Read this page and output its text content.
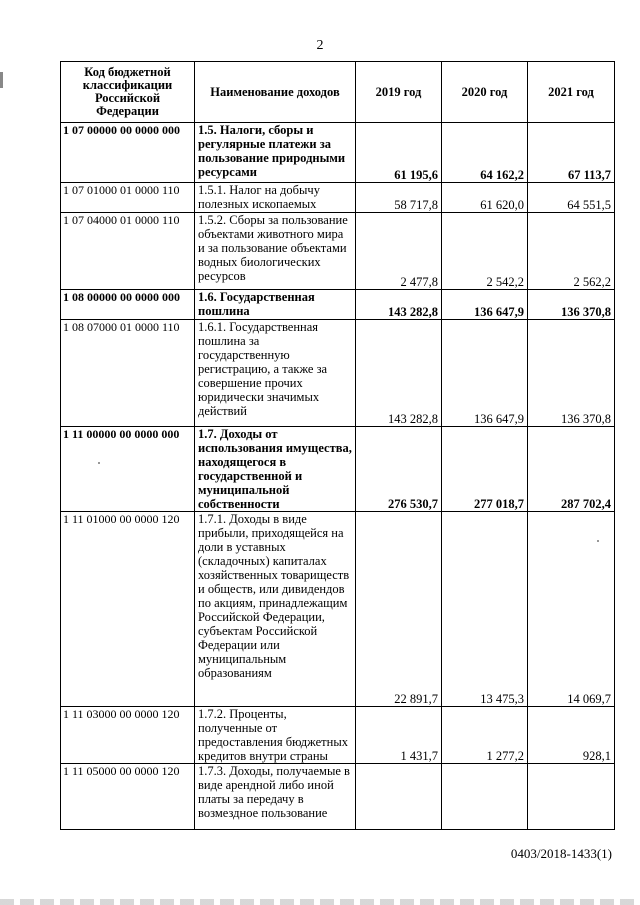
2
Код бюджетной классификации Российской Федерации	Наименование доходов	2019 год	2020 год	2021 год
1 07 00000 00 0000 000	1.5. Налоги, сборы и регулярные платежи за пользование природными ресурсами	61 195,6	64 162,2	67 113,7
1 07 01000 01 0000 110	1.5.1. Налог на добычу полезных ископаемых	58 717,8	61 620,0	64 551,5
1 07 04000 01 0000 110	1.5.2. Сборы за пользование объектами животного мира и за пользование объектами водных биологических ресурсов	2 477,8	2 542,2	2 562,2
1 08 00000 00 0000 000	1.6. Государственная пошлина	143 282,8	136 647,9	136 370,8
1 08 07000 01 0000 110	1.6.1. Государственная пошлина за государственную регистрацию, а также за совершение прочих юридически значимых действий	143 282,8	136 647,9	136 370,8
1 11 00000 00 0000 000	1.7. Доходы от использования имущества, находящегося в государственной и муниципальной собственности	276 530,7	277 018,7	287 702,4
1 11 01000 00 0000 120	1.7.1. Доходы в виде прибыли, приходящейся на доли в уставных (складочных) капиталах хозяйственных товариществ и обществ, или дивидендов по акциям, принадлежащим Российской Федерации, субъектам Российской Федерации или муниципальным образованиям	22 891,7	13 475,3	14 069,7
1 11 03000 00 0000 120	1.7.2. Проценты, полученные от предоставления бюджетных кредитов внутри страны	1 431,7	1 277,2	928,1
1 11 05000 00 0000 120	1.7.3. Доходы, получаемые в виде арендной либо иной платы за передачу в возмездное пользование			
0403/2018-1433(1)
